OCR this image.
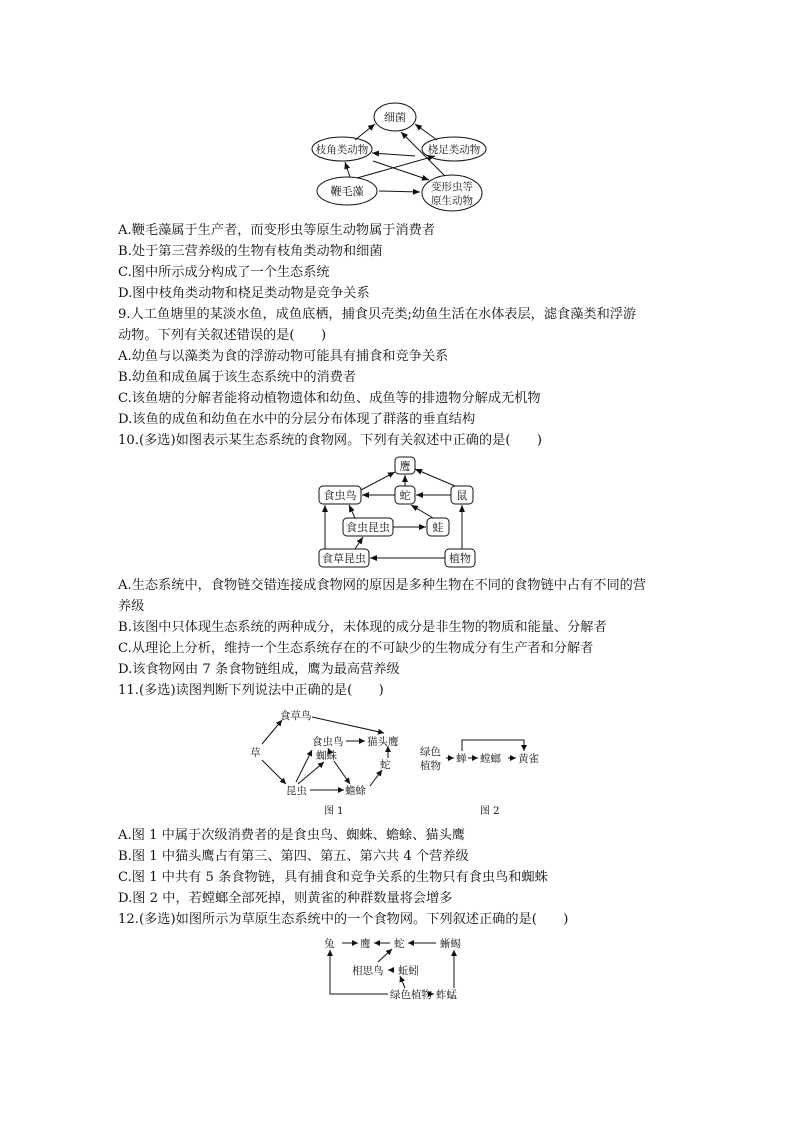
细菌
枝角类动物	桡足类动物
鞭毛藻	变形虫等
原生动物
A.鞭毛藻属于生产者，而变形虫等原生动物属于消费者
B.处于第三营养级的生物有枝角类动物和细菌
C.图中所示成分构成了一个生态系统
D.图中枝角类动物和桡足类动物是竞争关系
9.人工鱼塘里的某淡水鱼，成鱼底栖，捕食贝壳类;幼鱼生活在水体表层，滤食藻类和浮游
动物。下列有关叙述错误的是(　　)
A.幼鱼与以藻类为食的浮游动物可能具有捕食和竞争关系
B.幼鱼和成鱼属于该生态系统中的消费者
C.该鱼塘的分解者能将动植物遗体和幼鱼、成鱼等的排遗物分解成无机物
D.该鱼的成鱼和幼鱼在水中的分层分布体现了群落的垂直结构
10.(多选)如图表示某生态系统的食物网。下列有关叙述中正确的是(　　)
鹰
食虫鸟	蛇	鼠
食虫昆虫	蛙
食草昆虫	植物
A.生态系统中，食物链交错连接成食物网的原因是多种生物在不同的食物链中占有不同的营
养级
B.该图中只体现生态系统的两种成分，未体现的成分是非生物的物质和能量、分解者
C.从理论上分析，维持一个生态系统存在的不可缺少的生物成分有生产者和分解者
D.该食物网由 7 条食物链组成，鹰为最高营养级
11.(多选)读图判断下列说法中正确的是(　　)
食草鸟
草
食虫鸟 猫头鹰
蜘蛛
蛇
昆虫	蟾蜍
图 1
绿色
植物
蝉 螳螂 黄雀
图 2
A.图 1 中属于次级消费者的是食虫鸟、蜘蛛、蟾蜍、猫头鹰
B.图 1 中猫头鹰占有第三、第四、第五、第六共 4 个营养级
C.图 1 中共有 5 条食物链，具有捕食和竞争关系的生物只有食虫鸟和蜘蛛
D.图 2 中，若螳螂全部死掉，则黄雀的种群数量将会增多
12.(多选)如图所示为草原生态系统中的一个食物网。下列叙述正确的是(　　)
兔 鹰 蛇	蜥蜴
相思鸟 蚯蚓
绿色植物 蚱蜢
